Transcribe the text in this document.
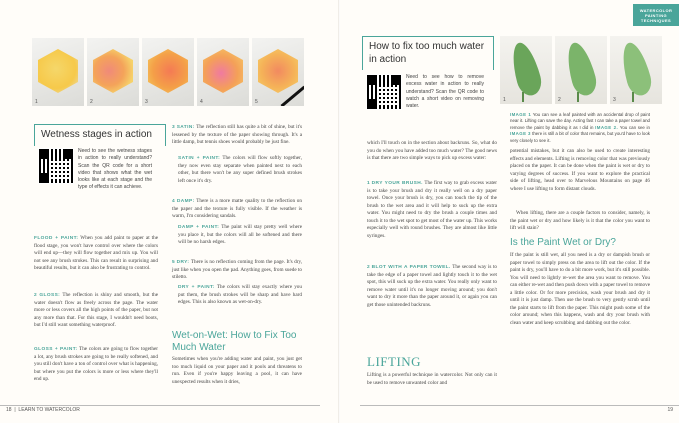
1	2	3	4	5
Wetness stages in action
Need to see the wetness stages in action to really understand? Scan the QR code for a short video that shows what the wet looks like at each stage and the type of effects it can achieve.
FLOOD + PAINT: When you add paint to paper at the flood stage, you won't have control over where the colors will end up—they will flow together and mix up. You will not see any brush strokes. This can result in surprising and beautiful results, but it can also be frustrating to control.
2 GLOSS: The reflection is shiny and smooth, but the water doesn't flow as freely across the page. The water more or less covers all the high points of the paper, but not any more than that. For this stage, I wouldn't need boots, but I'd still want something waterproof.
GLOSS + PAINT: The colors are going to flow together a lot, any brush strokes are going to be really softened, and you still don't have a ton of control over what is happening, but where you put the colors is more or less where they'll end up.
3 SATIN: The reflection still has quite a bit of shine, but it's lessened by the texture of the paper showing through. It's a little damp, but tennis shoes would probably be just fine.
SATIN + PAINT: The colors will flow softly together, they now even stay separate when painted next to each other, but there won't be any super defined brush strokes left once it's dry.
4 DAMP: There is a more matte quality to the reflection on the paper and the texture is fully visible. If the weather is warm, I'm considering sandals.
DAMP + PAINT: The paint will stay pretty well where you place it, but the colors will all be softened and there will be no harsh edges.
5 DRY: There is no reflection coming from the page. It's dry, just like when you open the pad. Anything goes, from suede to stiletto.
DRY + PAINT: The colors will stay exactly where you put them, the brush strokes will be sharp and have hard edges. This is also known as wet-on-dry.
Wet-on-Wet: How to Fix Too Much Water
Sometimes when you're adding water and paint, you just get too much liquid on your paper and it pools and threatens to run. Even if you're happy leaving a pool, it can have unexpected results when it dries,
18  |  LEARN TO WATERCOLOR
How to fix too much water in action
Need to see how to remove excess water in action to really understand? Scan the QR code to watch a short video on removing water.
WATERCOLOR PAINTING TECHNIQUES
1	2	3
IMAGE 1 You can see a leaf painted with an accidental drop of paint near it. Lifting can save the day. Acting fast I can take a paper towel and remove the paint by dabbing it as I did in IMAGE 2. You can see in IMAGE 3 there is still a bit of color that remains, but you'd have to look very closely to see it.
which I'll touch on in the section about backruns. So, what do you do when you have added too much water? The good news is that there are two simple ways to pick up excess water:
1 DRY YOUR BRUSH. The first way to grab excess water is to take your brush and dry it really well on a dry paper towel. Once your brush is dry, you can touch the tip of the brush to the wet area and it will help to suck up the extra water. You might need to dry the brush a couple times and touch it to the wet spot to get most of the water up. This works especially well with round brushes. They are almost like little syringes.
2 BLOT WITH A PAPER TOWEL. The second way is to take the edge of a paper towel and lightly touch it to the wet spot, this will suck up the extra water. You really only want to remove water until it's no longer moving around; you don't want to dry it more than the paper around it, or again you can get those unintended backruns.
LIFTING
Lifting is a powerful technique in watercolor. Not only can it be used to remove unwanted color and
potential mistakes, but it can also be used to create interesting effects and elements. Lifting is removing color that was previously placed on the paper. It can be done when the paint is wet or dry to varying degrees of success. If you want to explore the practical side of lifting, head over to Marvelous Mountains on page 46 where I use lifting to form distant clouds.
When lifting, there are a couple factors to consider, namely, is the paint wet or dry and how likely is it that the color you want to lift will stain?
Is the Paint Wet or Dry?
If the paint is still wet, all you need is a dry or dampish brush or paper towel to simply press on the area to lift out the color. If the paint is dry, you'll have to do a bit more work, but it's still possible. You will need to lightly re-wet the area you want to remove. You can either re-wet and then push down with a paper towel to remove a little color. Or for more precision, wash your brush and dry it until it is just damp. Then use the brush to very gently scrub until the paint starts to lift from the paper. This might push some of the color around; when this happens, wash and dry your brush with clean water and keep scrubbing and dabbing out the color.
19
